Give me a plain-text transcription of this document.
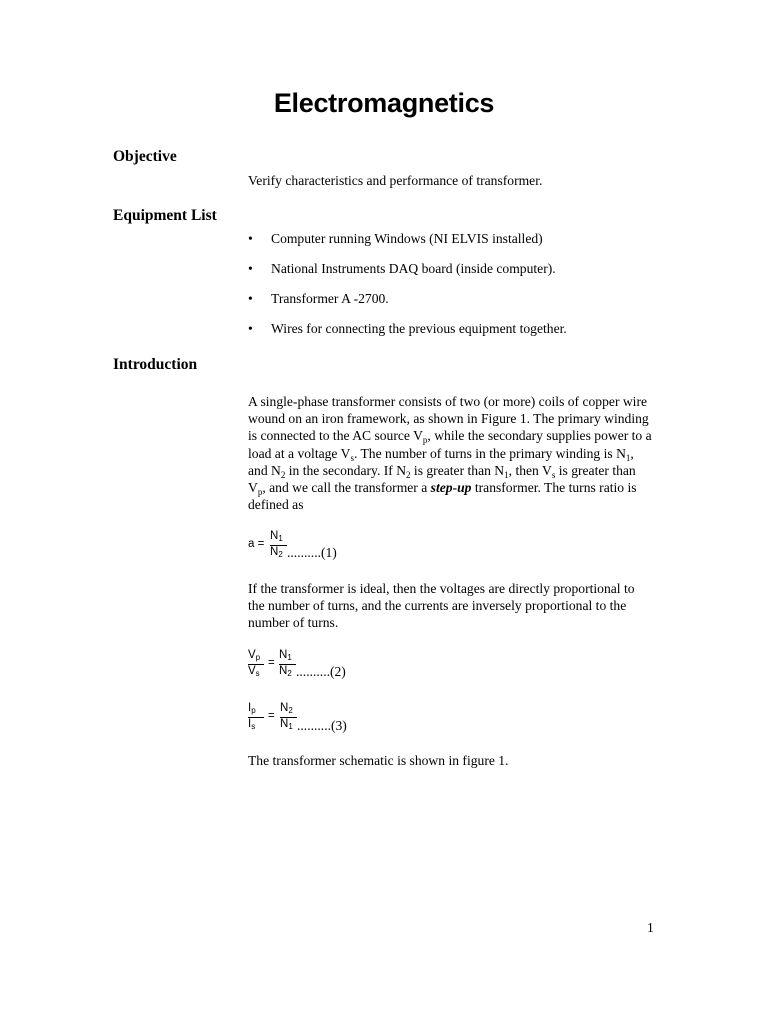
Electromagnetics
Objective
Verify characteristics and performance of transformer.
Equipment List
• Computer running Windows (NI ELVIS installed)
• National Instruments DAQ board (inside computer).
• Transformer A -2700.
• Wires for connecting the previous equipment together.
Introduction
A single-phase transformer consists of two (or more) coils of copper wire wound on an iron framework, as shown in Figure 1. The primary winding is connected to the AC source $V_p$, while the secondary supplies power to a load at a voltage $V_s$. The number of turns in the primary winding is $N_1$, and $N_2$ in the secondary. If $N_2$ is greater than $N_1$, then $V_s$ is greater than $V_p$, and we call the transformer a step-up transformer. The turns ratio is defined as
a =
$N_1$
$N_2$ ..........(1)
If the transformer is ideal, then the voltages are directly proportional to the number of turns, and the currents are inversely proportional to the number of turns.
$V_p$
$V_s$
=
$N_1$
$N_2$ ..........(2)
$I_p$
$I_s$
=
$N_2$
$N_1$ ..........(3)
The transformer schematic is shown in figure 1.
1
